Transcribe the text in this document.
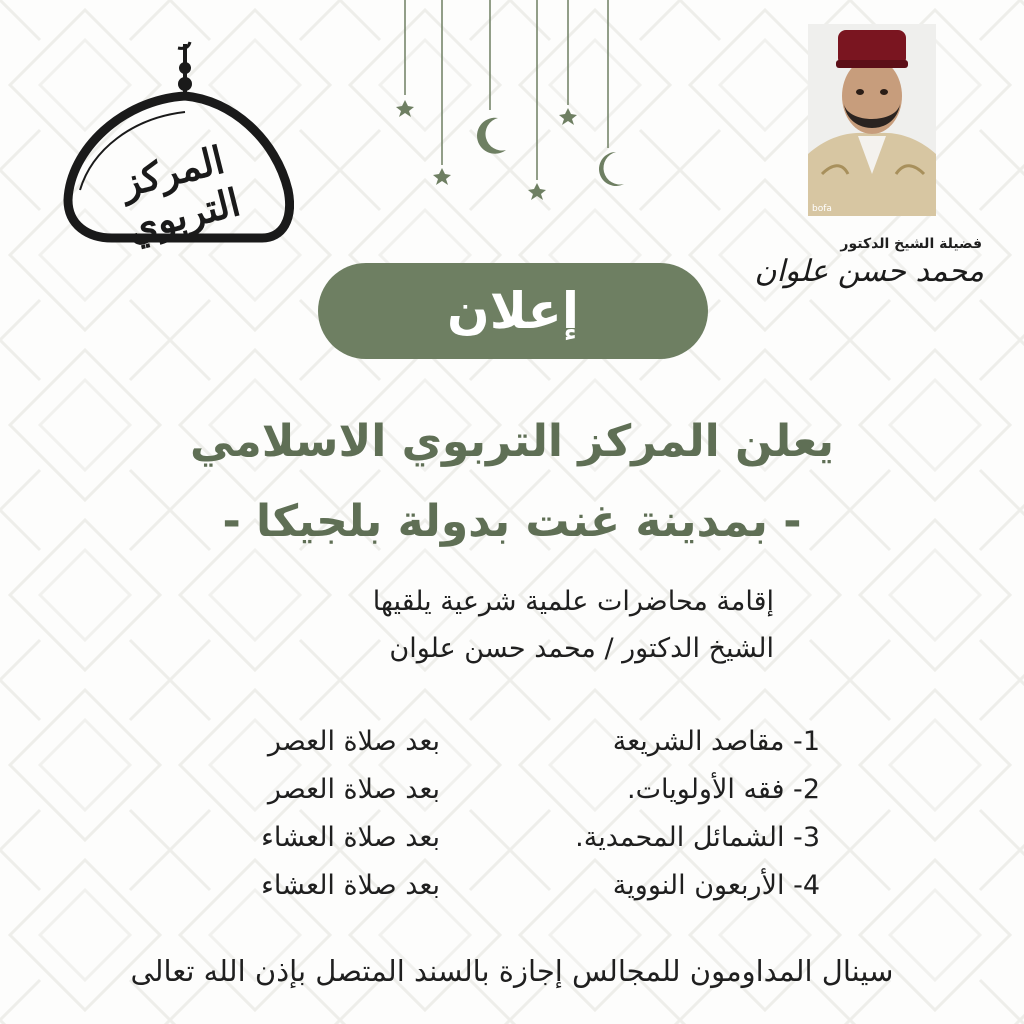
المركز التربوي	bofa
فضيلة الشيخ الدكتور
محمد حسن علوان
إعلان
يعلن المركز التربوي الاسلامي
- بمدينة غنت بدولة بلجيكا -
إقامة محاضرات علمية شرعية يلقيها
الشيخ الدكتور / محمد حسن علوان
1- مقاصد الشريعة
بعد صلاة العصر
2- فقه الأولويات.
بعد صلاة العصر
3- الشمائل المحمدية.
بعد صلاة العشاء
4- الأربعون النووية
بعد صلاة العشاء
سينال المداومون للمجالس إجازة بالسند المتصل بإذن الله تعالى
